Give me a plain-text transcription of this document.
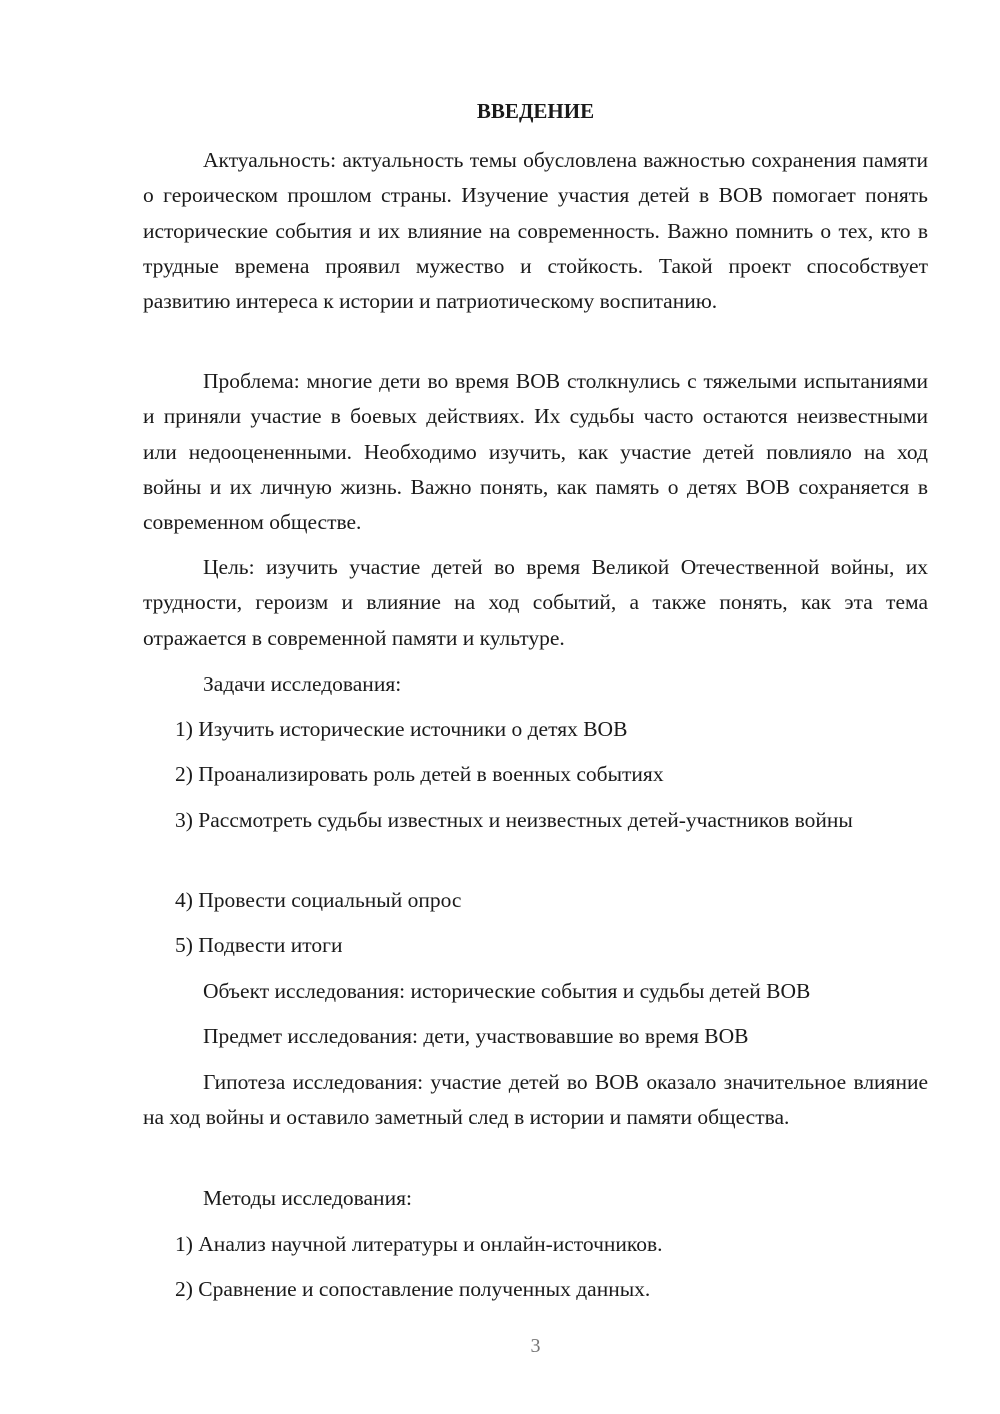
ВВЕДЕНИЕ

Актуальность: актуальность темы обусловлена важностью сохранения памяти о героическом прошлом страны. Изучение участия детей в ВОВ помогает понять исторические события и их влияние на современность. Важно помнить о тех, кто в трудные времена проявил мужество и стойкость. Такой проект способствует развитию интереса к истории и патриотическому воспитанию.

Проблема: многие дети во время ВОВ столкнулись с тяжелыми испытаниями и приняли участие в боевых действиях. Их судьбы часто остаются неизвестными или недооцененными. Необходимо изучить, как участие детей повлияло на ход войны и их личную жизнь. Важно понять, как память о детях ВОВ сохраняется в современном обществе.

Цель: изучить участие детей во время Великой Отечественной войны, их трудности, героизм и влияние на ход событий, а также понять, как эта тема отражается в современной памяти и культуре.

Задачи исследования:

1) Изучить исторические источники о детях ВОВ

2) Проанализировать роль детей в военных событиях

3) Рассмотреть судьбы известных и неизвестных детей-участников войны

4) Провести социальный опрос

5) Подвести итоги

Объект исследования: исторические события и судьбы детей ВОВ

Предмет исследования: дети, участвовавшие во время ВОВ

Гипотеза исследования: участие детей во ВОВ оказало значительное влияние на ход войны и оставило заметный след в истории и памяти общества.

Методы исследования:

1) Анализ научной литературы и онлайн-источников.

2) Сравнение и сопоставление полученных данных.

3
